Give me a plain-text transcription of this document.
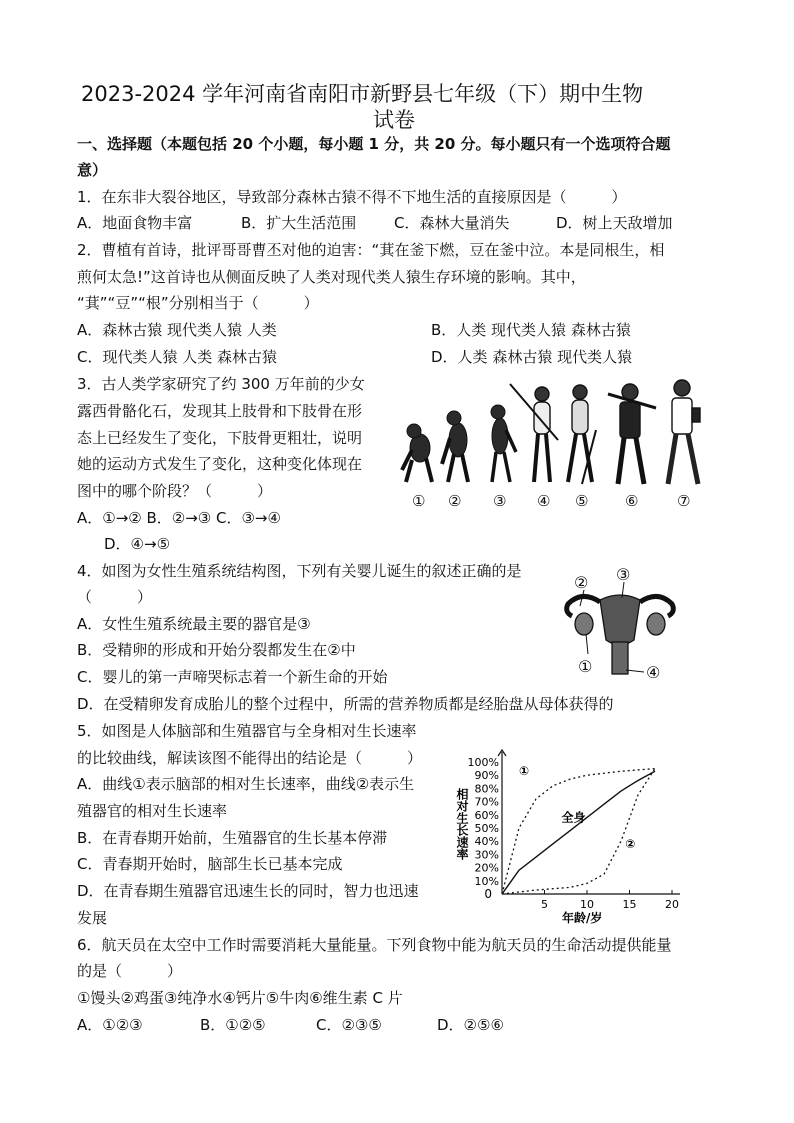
2023-2024 学年河南省南阳市新野县七年级（下）期中生物
试卷
一、选择题（本题包括 20 个小题，每小题 1 分，共 20 分。每小题只有一个选项符合题
意）
1．在东非大裂谷地区，导致部分森林古猿不得不下地生活的直接原因是（　　　）
A．地面食物丰富	B．扩大生活范围	C．森林大量消失	D．树上天敌增加
2．曹植有首诗，批评哥哥曹丕对他的迫害：“萁在釜下燃，豆在釜中泣。本是同根生，相
煎何太急!”这首诗也从侧面反映了人类对现代类人猿生存环境的影响。其中，
“萁”“豆”“根”分别相当于（　　　）
A．森林古猿 现代类人猿 人类	B．人类 现代类人猿 森林古猿
C．现代类人猿 人类 森林古猿	D．人类 森林古猿 现代类人猿
3．古人类学家研究了约 300 万年前的少女
露西骨骼化石，发现其上肢骨和下肢骨在形
态上已经发生了变化，下肢骨更粗壮，说明
她的运动方式发生了变化，这种变化体现在
图中的哪个阶段？（　　　）
A．①→② B．②→③ C．③→④
D．④→⑤
① ② ③ ④ ⑤ ⑥	⑦
4．如图为女性生殖系统结构图，下列有关婴儿诞生的叙述正确的是
（　　　）
A．女性生殖系统最主要的器官是③
B．受精卵的形成和开始分裂都发生在②中
C．婴儿的第一声啼哭标志着一个新生命的开始
D．在受精卵发育成胎儿的整个过程中，所需的营养物质都是经胎盘从母体获得的
② ③
①	④
5．如图是人体脑部和生殖器官与全身相对生长速率
的比较曲线，解读该图不能得出的结论是（　　　）
A．曲线①表示脑部的相对生长速率，曲线②表示生
殖器官的相对生长速率
B．在青春期开始前，生殖器官的生长基本停滞
C．青春期开始时，脑部生长已基本完成
D．在青春期生殖器官迅速生长的同时，智力也迅速
发展
0
10%
20%
30%
40%
50%
60%
70%
80%
90%
100%
5	10	15	20
①
全身
②
相对生长速率
年龄/岁
6．航天员在太空中工作时需要消耗大量能量。下列食物中能为航天员的生命活动提供能量
的是（　　　）
①馒头②鸡蛋③纯净水④钙片⑤牛肉⑥维生素 C 片
A．①②③	B．①②⑤	C．②③⑤	D．②⑤⑥
